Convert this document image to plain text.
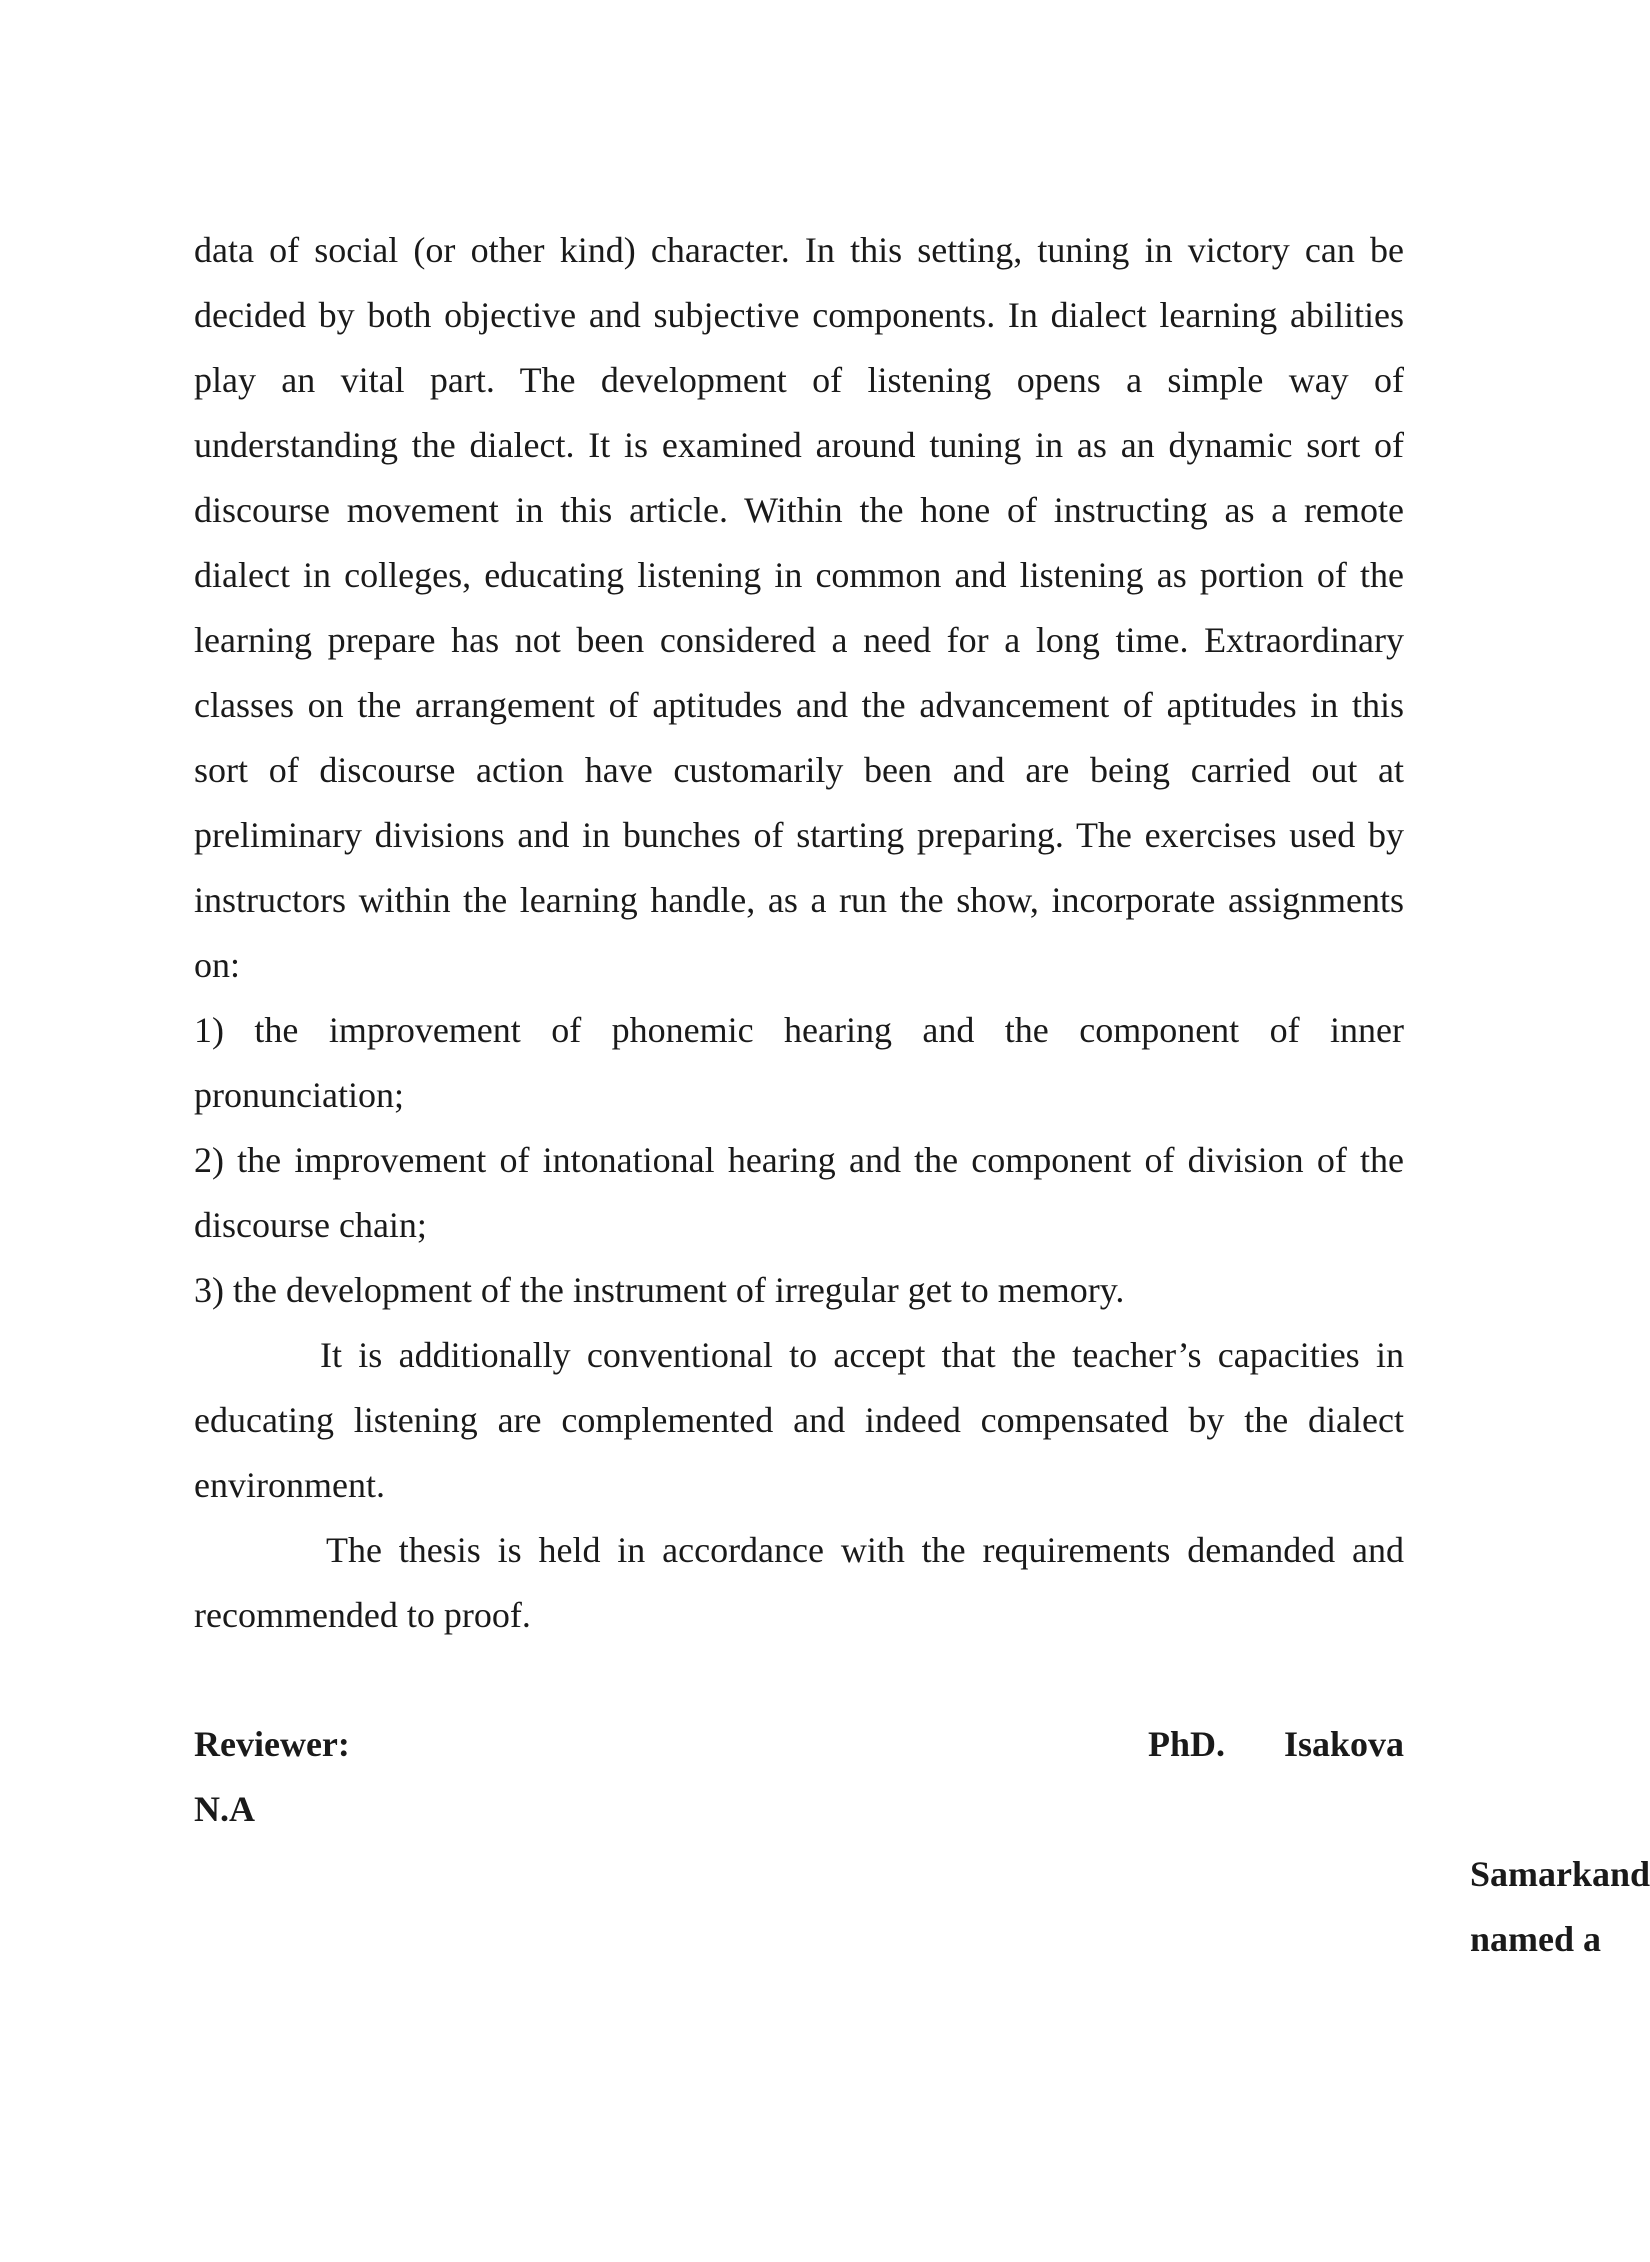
data of social (or other kind) character. In this setting, tuning in victory can be decided by both objective and subjective components. In dialect learning abilities play an vital part. The development of listening opens a simple way of understanding the dialect. It is examined around tuning in as an dynamic sort of discourse movement in this article. Within the hone of instructing as a remote dialect in colleges, educating listening in common and listening as portion of the learning prepare has not been considered a need for a long time. Extraordinary classes on the arrangement of aptitudes and the advancement of aptitudes in this sort of discourse action have customarily been and are being carried out at preliminary divisions and in bunches of starting preparing. The exercises used by instructors within the learning handle, as a run the show, incorporate assignments on:

1) the improvement of phonemic hearing and the component of inner pronunciation;

2) the improvement of intonational hearing and the component of division of the discourse chain;

3) the development of the instrument of irregular get to memory.

It is additionally conventional to accept that the teacher’s capacities in educating listening are complemented and indeed compensated by the dialect environment.

The thesis is held in accordance with the requirements demanded and recommended to proof.

Reviewer:	PhD. Isakova
N.A
Samarkand
named a
